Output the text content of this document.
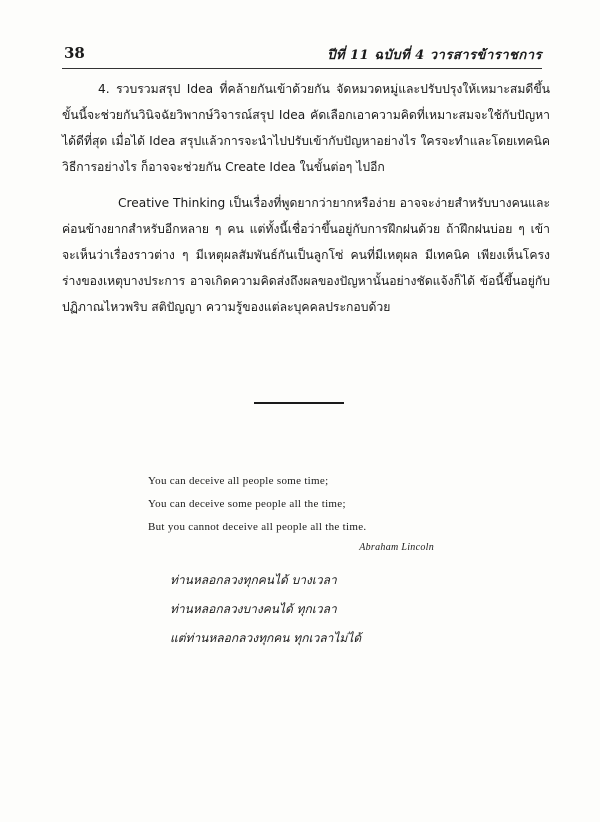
38	ปีที่ 11 ฉบับที่ 4 วารสารข้าราชการ

4. รวบรวมสรุป Idea ที่คล้ายกันเข้าด้วยกัน จัดหมวดหมู่และปรับปรุงให้เหมาะสมดีขึ้น ขั้นนี้จะช่วยกันวินิจฉัยวิพากษ์วิจารณ์สรุป Idea คัดเลือกเอาความคิดที่เหมาะสมจะใช้กับปัญหาได้ดีที่สุด เมื่อได้ Idea สรุปแล้วการจะนำไปปรับเข้ากับปัญหาอย่างไร ใครจะทำและโดยเทคนิควิธีการอย่างไร ก็อาจจะช่วยกัน Create Idea ในขั้นต่อๆ ไปอีก

Creative Thinking เป็นเรื่องที่พูดยากว่ายากหรือง่าย อาจจะง่ายสำหรับบางคนและค่อนข้างยากสำหรับอีกหลาย ๆ คน แต่ทั้งนี้เชื่อว่าขึ้นอยู่กับการฝึกฝนด้วย ถ้าฝึกฝนบ่อย ๆ เข้า จะเห็นว่าเรื่องราวต่าง ๆ มีเหตุผลสัมพันธ์กันเป็นลูกโซ่ คนที่มีเหตุผล มีเทคนิค เพียงเห็นโครงร่างของเหตุบางประการ อาจเกิดความคิดส่งถึงผลของปัญหานั้นอย่างชัดแจ้งก็ได้ ข้อนี้ขึ้นอยู่กับปฏิภาณไหวพริบ สติปัญญา ความรู้ของแต่ละบุคคลประกอบด้วย

You can deceive all people some time;
You can deceive some people all the time;
But you cannot deceive all people all the time.
Abraham Lincoln
ท่านหลอกลวงทุกคนได้ บางเวลา
ท่านหลอกลวงบางคนได้ ทุกเวลา
แต่ท่านหลอกลวงทุกคน ทุกเวลาไม่ได้
